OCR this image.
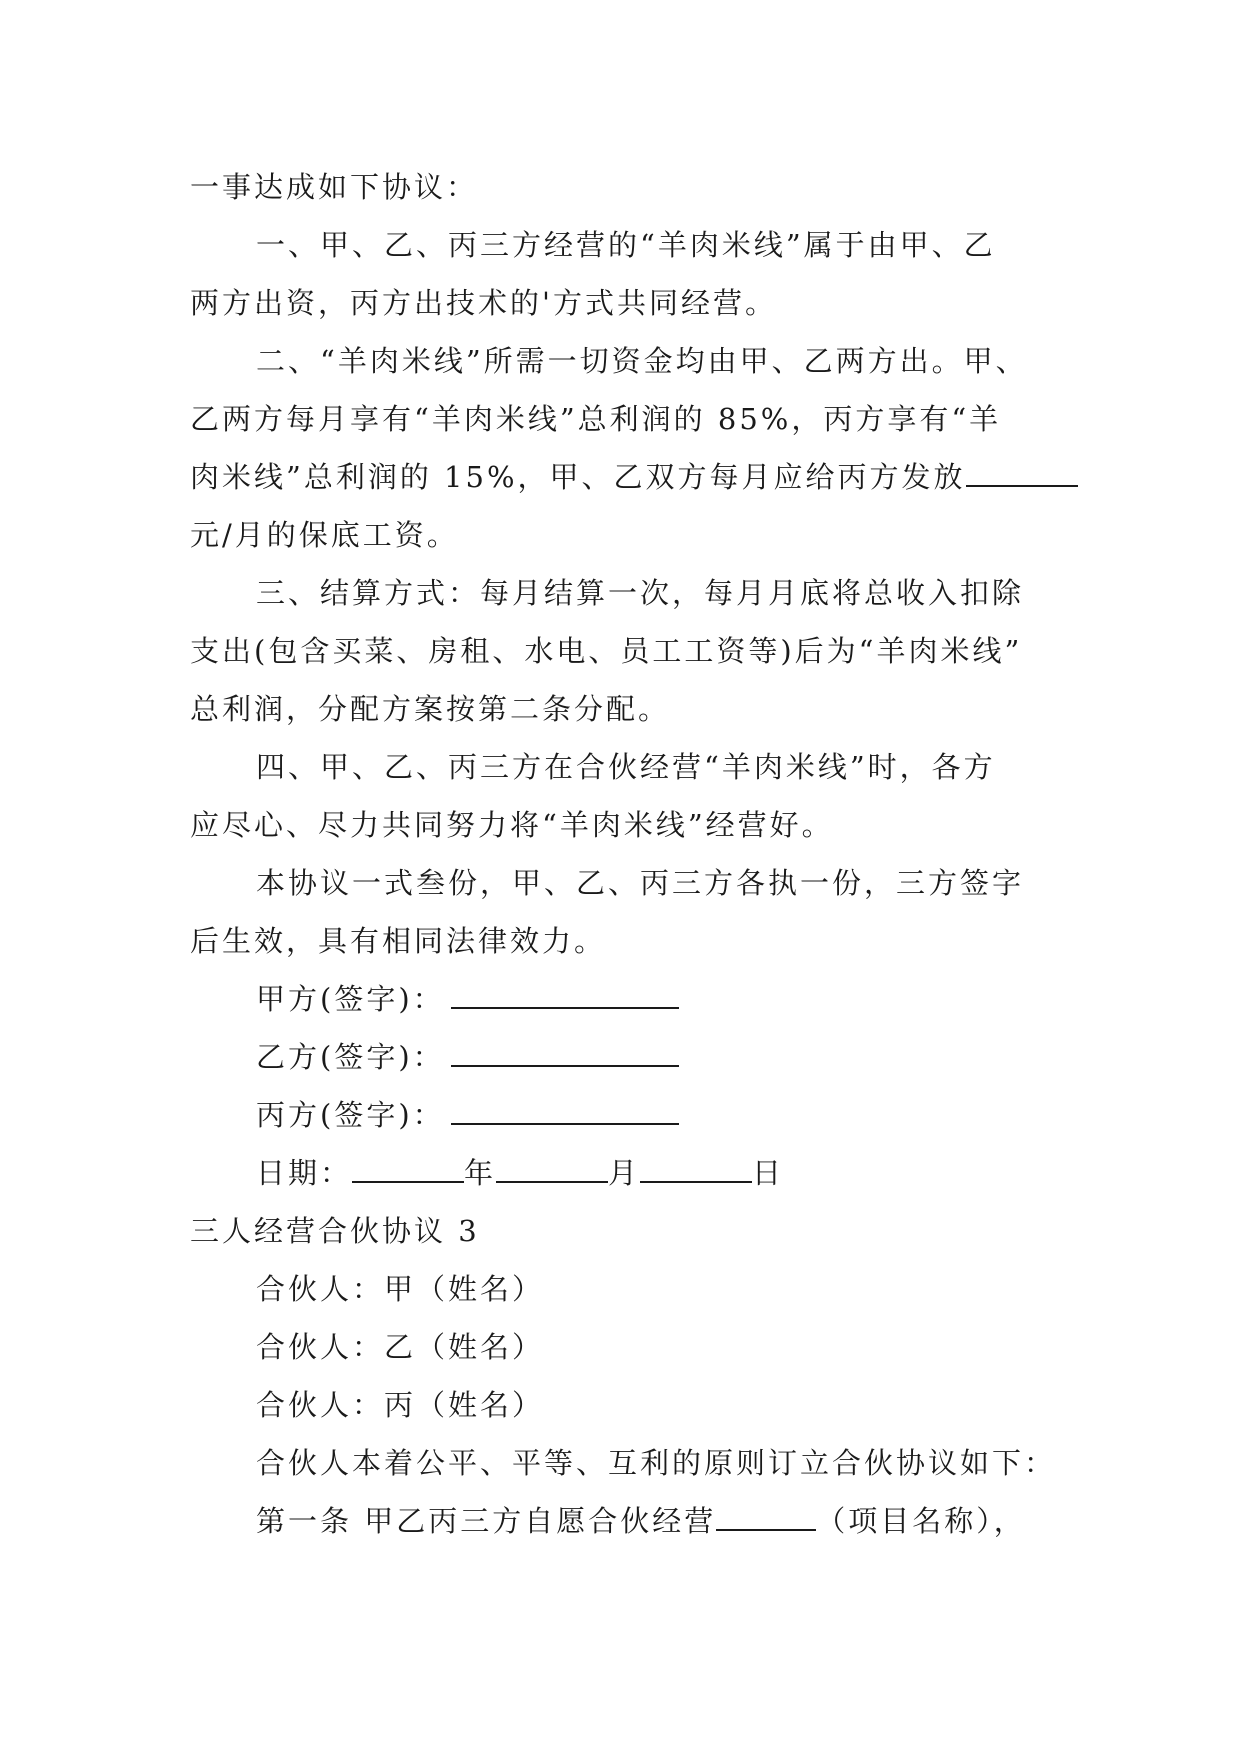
一事达成如下协议：
一、甲、乙、丙三方经营的“羊肉米线”属于由甲、乙
两方出资，丙方出技术的'方式共同经营。
二、“羊肉米线”所需一切资金均由甲、乙两方出。甲、
乙两方每月享有“羊肉米线”总利润的 85%，丙方享有“羊
肉米线”总利润的 15%，甲、乙双方每月应给丙方发放
元/月的保底工资。
三、结算方式：每月结算一次，每月月底将总收入扣除
支出(包含买菜、房租、水电、员工工资等)后为“羊肉米线”
总利润，分配方案按第二条分配。
四、甲、乙、丙三方在合伙经营“羊肉米线”时，各方
应尽心、尽力共同努力将“羊肉米线”经营好。
本协议一式叁份，甲、乙、丙三方各执一份，三方签字
后生效，具有相同法律效力。
甲方(签字)：
乙方(签字)：
丙方(签字)：
日期：	年	月	日
三人经营合伙协议 3
合伙人：甲（姓名）
合伙人：乙（姓名）
合伙人：丙（姓名）
合伙人本着公平、平等、互利的原则订立合伙协议如下：
第一条 甲乙丙三方自愿合伙经营	（项目名称），
